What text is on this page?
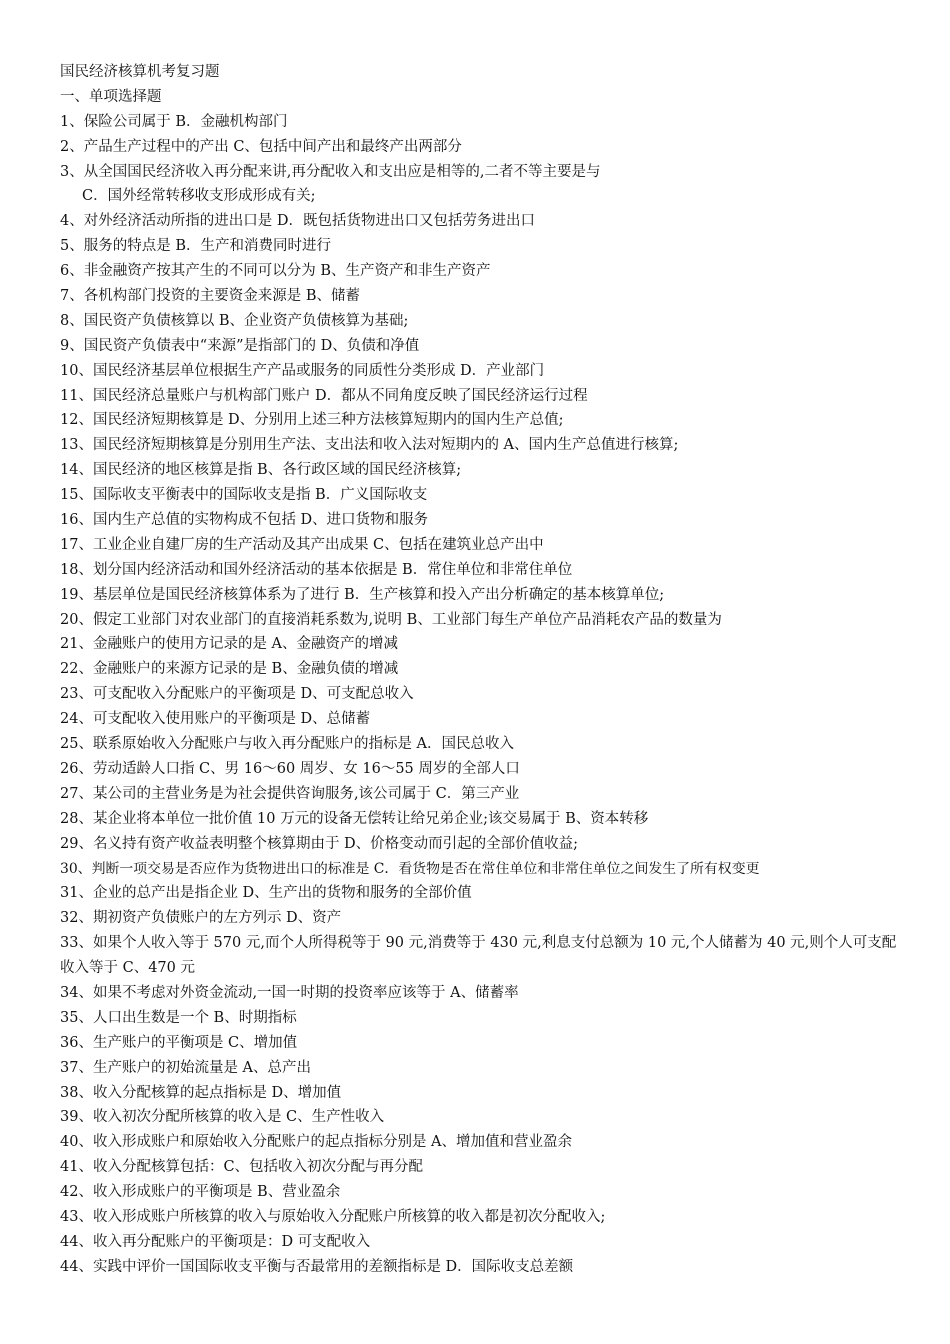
国民经济核算机考复习题
一、单项选择题
1、保险公司属于 B．金融机构部门
2、产品生产过程中的产出 C、包括中间产出和最终产出两部分
3、从全国国民经济收入再分配来讲,再分配收入和支出应是相等的,二者不等主要是与
C．国外经常转移收支形成形成有关;
4、对外经济活动所指的进出口是 D．既包括货物进出口又包括劳务进出口
5、服务的特点是 B．生产和消费同时进行
6、非金融资产按其产生的不同可以分为 B、生产资产和非生产资产
7、各机构部门投资的主要资金来源是 B、储蓄
8、国民资产负债核算以 B、企业资产负债核算为基础;
9、国民资产负债表中“来源”是指部门的 D、负债和净值
10、国民经济基层单位根据生产产品或服务的同质性分类形成 D．产业部门
11、国民经济总量账户与机构部门账户 D．都从不同角度反映了国民经济运行过程
12、国民经济短期核算是 D、分别用上述三种方法核算短期内的国内生产总值;
13、国民经济短期核算是分别用生产法、支出法和收入法对短期内的 A、国内生产总值进行核算;
14、国民经济的地区核算是指 B、各行政区域的国民经济核算;
15、国际收支平衡表中的国际收支是指 B．广义国际收支
16、国内生产总值的实物构成不包括 D、进口货物和服务
17、工业企业自建厂房的生产活动及其产出成果 C、包括在建筑业总产出中
18、划分国内经济活动和国外经济活动的基本依据是 B．常住单位和非常住单位
19、基层单位是国民经济核算体系为了进行 B．生产核算和投入产出分析确定的基本核算单位;
20、假定工业部门对农业部门的直接消耗系数为,说明 B、工业部门每生产单位产品消耗农产品的数量为
21、金融账户的使用方记录的是 A、金融资产的增减
22、金融账户的来源方记录的是 B、金融负债的增减
23、可支配收入分配账户的平衡项是 D、可支配总收入
24、可支配收入使用账户的平衡项是 D、总储蓄
25、联系原始收入分配账户与收入再分配账户的指标是 A．国民总收入
26、劳动适龄人口指 C、男 16～60 周岁、女 16～55 周岁的全部人口
27、某公司的主营业务是为社会提供咨询服务,该公司属于 C．第三产业
28、某企业将本单位一批价值 10 万元的设备无偿转让给兄弟企业;该交易属于 B、资本转移
29、名义持有资产收益表明整个核算期由于 D、价格变动而引起的全部价值收益;
30、判断一项交易是否应作为货物进出口的标准是 C．看货物是否在常住单位和非常住单位之间发生了所有权变更
31、企业的总产出是指企业 D、生产出的货物和服务的全部价值
32、期初资产负债账户的左方列示 D、资产
33、如果个人收入等于 570 元,而个人所得税等于 90 元,消费等于 430 元,利息支付总额为 10 元,个人储蓄为 40 元,则个人可支配收入等于 C、470 元
34、如果不考虑对外资金流动,一国一时期的投资率应该等于 A、储蓄率
35、人口出生数是一个 B、时期指标
36、生产账户的平衡项是 C、增加值
37、生产账户的初始流量是 A、总产出
38、收入分配核算的起点指标是 D、增加值
39、收入初次分配所核算的收入是 C、生产性收入
40、收入形成账户和原始收入分配账户的起点指标分别是 A、增加值和营业盈余
41、收入分配核算包括：C、包括收入初次分配与再分配
42、收入形成账户的平衡项是 B、营业盈余
43、收入形成账户所核算的收入与原始收入分配账户所核算的收入都是初次分配收入;
44、收入再分配账户的平衡项是：D 可支配收入
44、实践中评价一国国际收支平衡与否最常用的差额指标是 D．国际收支总差额
